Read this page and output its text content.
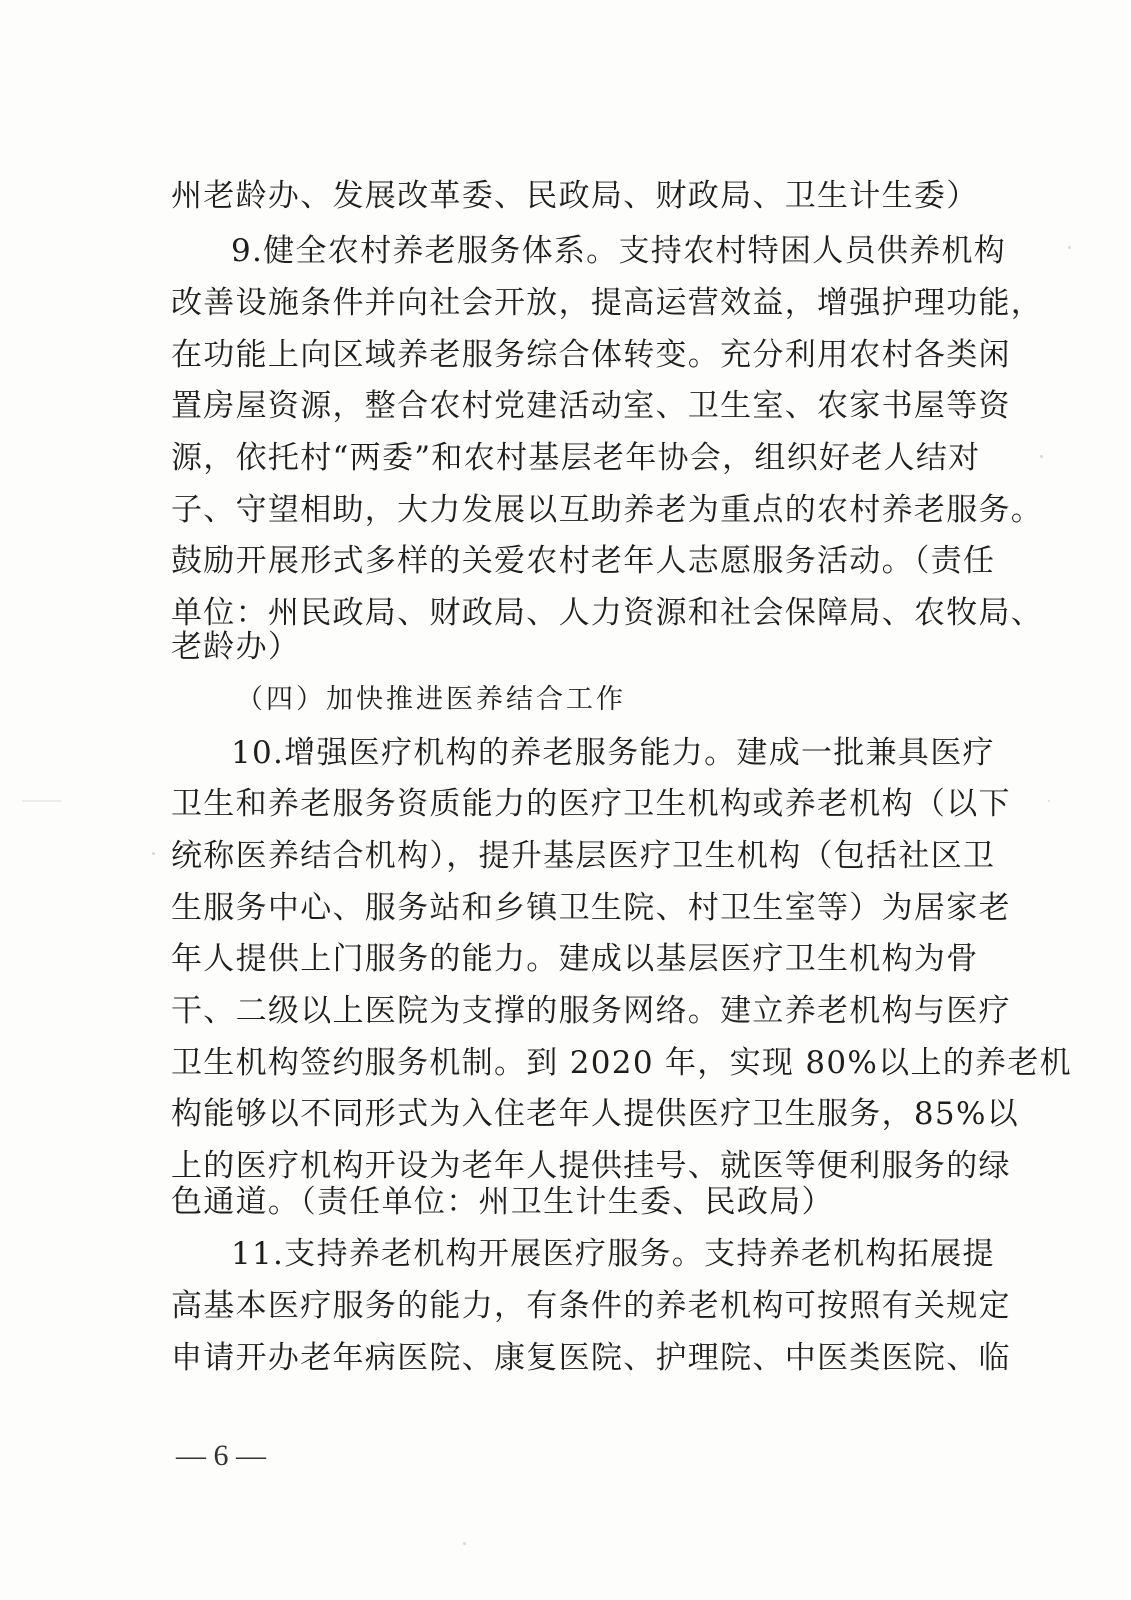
州老龄办、发展改革委、民政局、财政局、卫生计生委）
9.健全农村养老服务体系。支持农村特困人员供养机构
改善设施条件并向社会开放，提高运营效益，增强护理功能，
在功能上向区域养老服务综合体转变。充分利用农村各类闲
置房屋资源，整合农村党建活动室、卫生室、农家书屋等资
源，依托村“两委”和农村基层老年协会，组织好老人结对
子、守望相助，大力发展以互助养老为重点的农村养老服务。
鼓励开展形式多样的关爱农村老年人志愿服务活动。（责任
单位：州民政局、财政局、人力资源和社会保障局、农牧局、
老龄办）
（四）加快推进医养结合工作
10.增强医疗机构的养老服务能力。建成一批兼具医疗
卫生和养老服务资质能力的医疗卫生机构或养老机构（以下
统称医养结合机构），提升基层医疗卫生机构（包括社区卫
生服务中心、服务站和乡镇卫生院、村卫生室等）为居家老
年人提供上门服务的能力。建成以基层医疗卫生机构为骨
干、二级以上医院为支撑的服务网络。建立养老机构与医疗
卫生机构签约服务机制。到 2020 年，实现 80%以上的养老机
构能够以不同形式为入住老年人提供医疗卫生服务，85%以
上的医疗机构开设为老年人提供挂号、就医等便利服务的绿
色通道。（责任单位：州卫生计生委、民政局）
11.支持养老机构开展医疗服务。支持养老机构拓展提
高基本医疗服务的能力，有条件的养老机构可按照有关规定
申请开办老年病医院、康复医院、护理院、中医类医院、临
— 6 —
